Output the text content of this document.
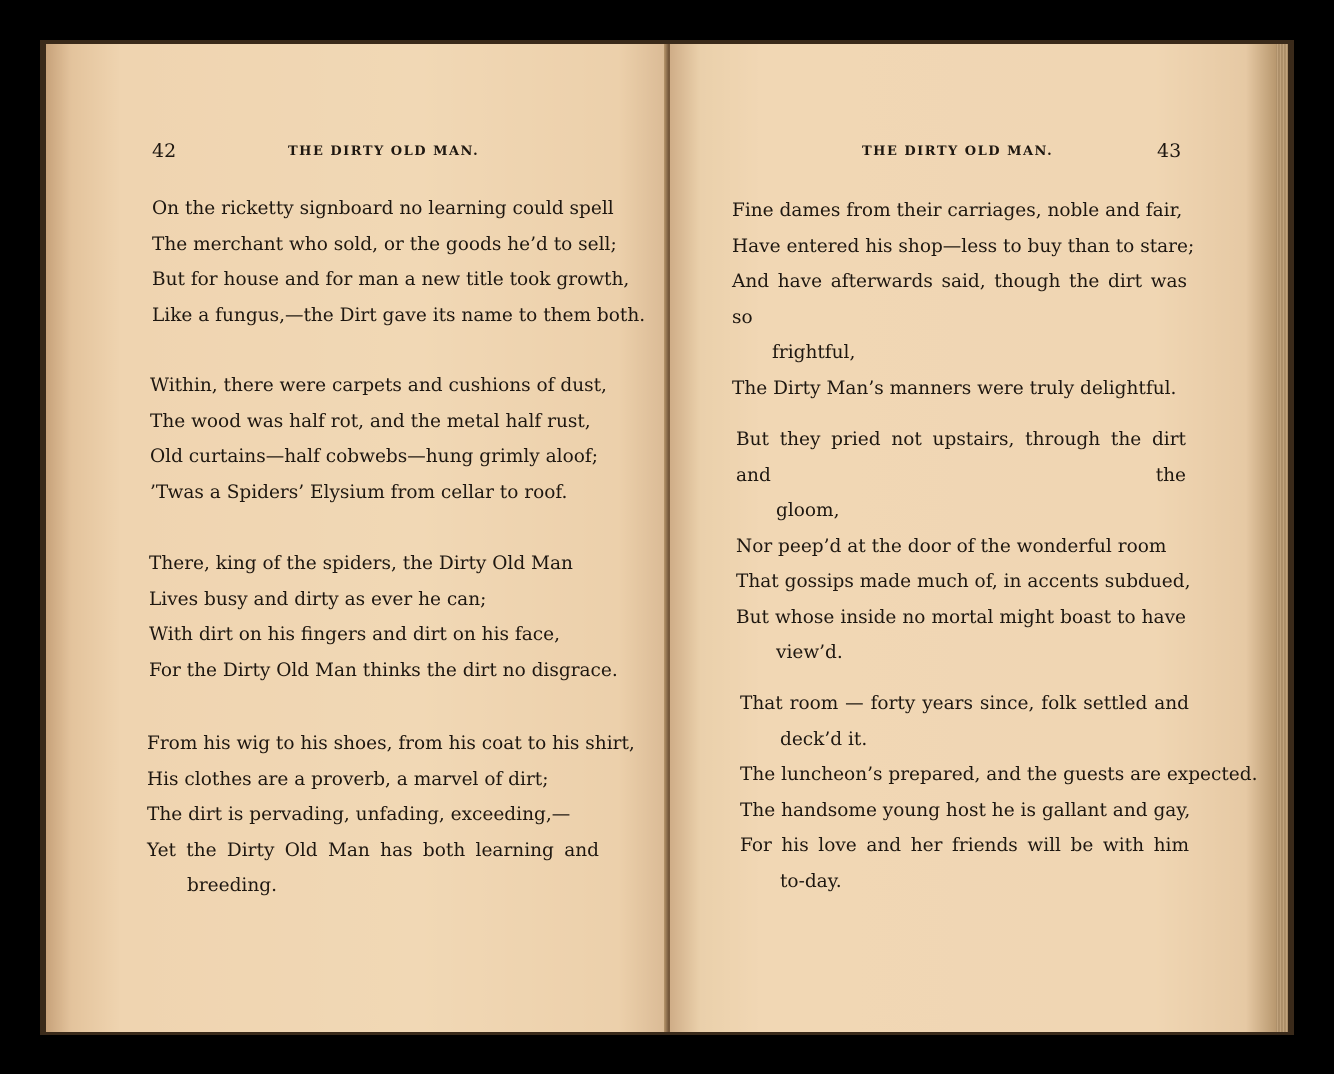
42	THE DIRTY OLD MAN.
On the ricketty signboard no learning could spell
The merchant who sold, or the goods he’d to sell;
But for house and for man a new title took growth,
Like a fungus,—the Dirt gave its name to them both.
Within, there were carpets and cushions of dust,
The wood was half rot, and the metal half rust,
Old curtains—half cobwebs—hung grimly aloof;
’Twas a Spiders’ Elysium from cellar to roof.
There, king of the spiders, the Dirty Old Man
Lives busy and dirty as ever he can;
With dirt on his fingers and dirt on his face,
For the Dirty Old Man thinks the dirt no disgrace.
From his wig to his shoes, from his coat to his shirt,
His clothes are a proverb, a marvel of dirt;
The dirt is pervading, unfading, exceeding,—
Yet the Dirty Old Man has both learning and
breeding.
THE DIRTY OLD MAN.	43
Fine dames from their carriages, noble and fair,
Have entered his shop—less to buy than to stare;
And have afterwards said, though the dirt was so
frightful,
The Dirty Man’s manners were truly delightful.
But they pried not upstairs, through the dirt and the
gloom,
Nor peep’d at the door of the wonderful room
That gossips made much of, in accents subdued,
But whose inside no mortal might boast to have
view’d.
That room — forty years since, folk settled and
deck’d it.
The luncheon’s prepared, and the guests are expected.
The handsome young host he is gallant and gay,
For his love and her friends will be with him
to-day.
